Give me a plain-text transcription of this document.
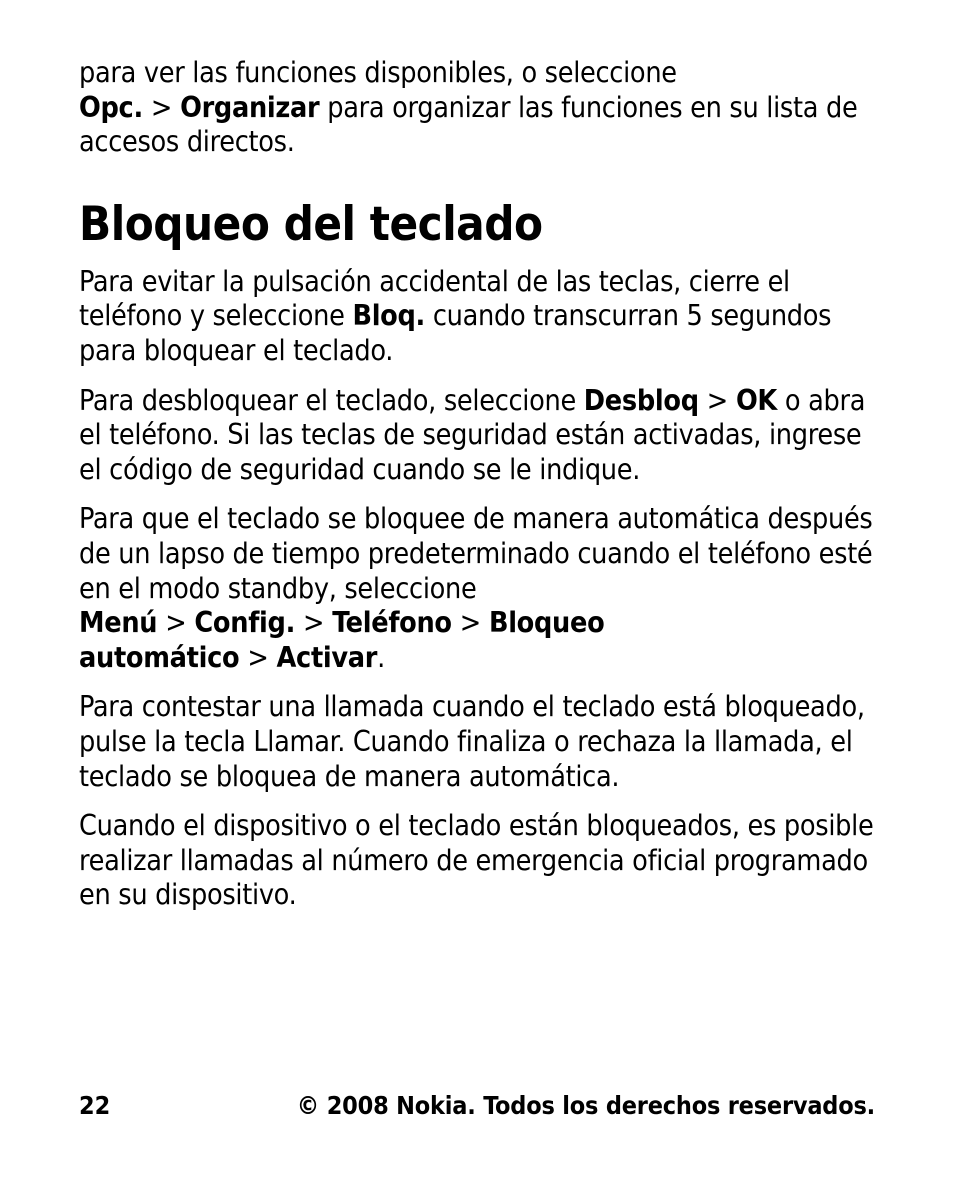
para ver las funciones disponibles, o seleccione Opc. > Organizar para organizar las funciones en su lista de accesos directos.

Bloqueo del teclado

Para evitar la pulsación accidental de las teclas, cierre el teléfono y seleccione Bloq. cuando transcurran 5 segundos para bloquear el teclado.

Para desbloquear el teclado, seleccione Desbloq > OK o abra el teléfono. Si las teclas de seguridad están activadas, ingrese el código de seguridad cuando se le indique.

Para que el teclado se bloquee de manera automática después de un lapso de tiempo predeterminado cuando el teléfono esté en el modo standby, seleccione Menú > Config. > Teléfono > Bloqueo automático > Activar.

Para contestar una llamada cuando el teclado está bloqueado, pulse la tecla Llamar. Cuando finaliza o rechaza la llamada, el teclado se bloquea de manera automática.

Cuando el dispositivo o el teclado están bloqueados, es posible realizar llamadas al número de emergencia oficial programado en su dispositivo.

22	© 2008 Nokia. Todos los derechos reservados.
